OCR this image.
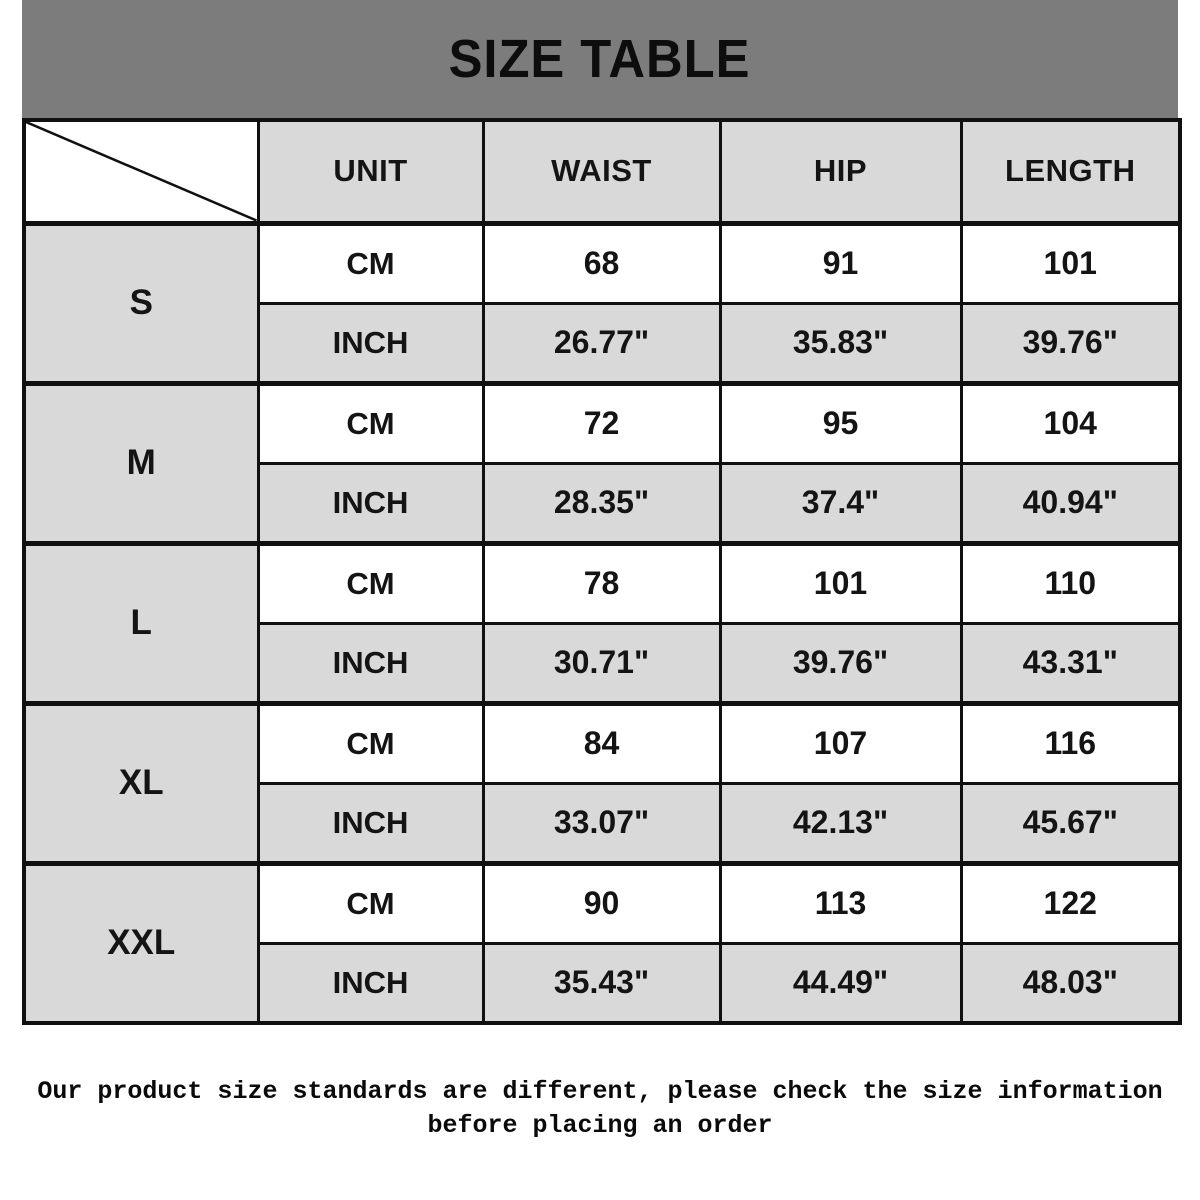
SIZE TABLE
	UNIT	WAIST	HIP	LENGTH
S	CM	68	91	101
	INCH	26.77"	35.83"	39.76"
M	CM	72	95	104
	INCH	28.35"	37.4"	40.94"
L	CM	78	101	110
	INCH	30.71"	39.76"	43.31"
XL	CM	84	107	116
	INCH	33.07"	42.13"	45.67"
XXL	CM	90	113	122
	INCH	35.43"	44.49"	48.03"
Our product size standards are different, please check the size information
before placing an order
